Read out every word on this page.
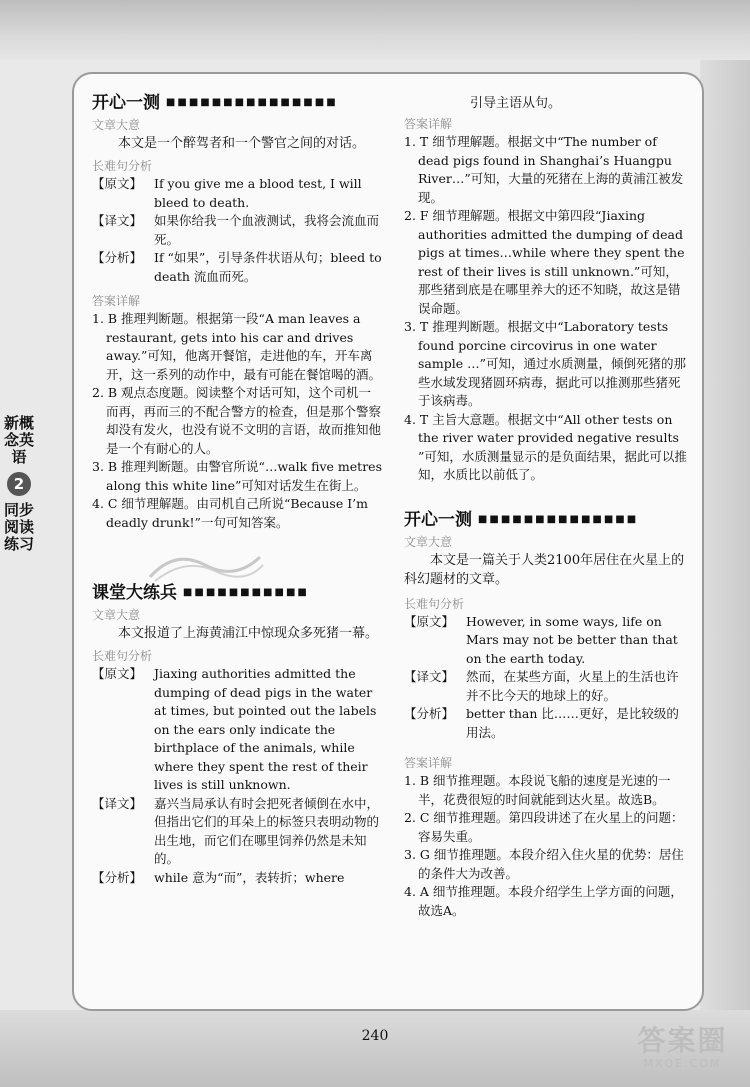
新概念英语
2
同步阅读练习
开心一测 ■■■■■■■■■■■■■■■
文章大意

本文是一个醉驾者和一个警官之间的对话。

长难句分析
【原文】 If you give me a blood test, I will bleed to death.
【译文】 如果你给我一个血液测试，我将会流血而死。
【分析】 If “如果”，引导条件状语从句；bleed to death 流血而死。
答案详解

1. B 推理判断题。根据第一段“A man leaves a restaurant, gets into his car and drives away.”可知，他离开餐馆，走进他的车，开车离开，这一系列的动作中，最有可能在餐馆喝的酒。

2. B 观点态度题。阅读整个对话可知，这个司机一而再，再而三的不配合警方的检查，但是那个警察却没有发火，也没有说不文明的言语，故而推知他是一个有耐心的人。

3. B 推理判断题。由警官所说“…walk five metres along this white line”可知对话发生在街上。

4. C 细节理解题。由司机自己所说“Because I’m deadly drunk!”一句可知答案。

课堂大练兵 ■■■■■■■■■■■
文章大意

本文报道了上海黄浦江中惊现众多死猪一幕。

长难句分析
【原文】 Jiaxing authorities admitted the dumping of dead pigs in the water at times, but pointed out the labels on the ears only indicate the birthplace of the animals, while where they spent the rest of their lives is still unknown.
【译文】 嘉兴当局承认有时会把死者倾倒在水中，但指出它们的耳朵上的标签只表明动物的出生地，而它们在哪里饲养仍然是未知的。
【分析】 while 意为“而”，表转折；where

引导主语从句。

答案详解

1. T 细节理解题。根据文中“The number of dead pigs found in Shanghai’s Huangpu River…”可知，大量的死猪在上海的黄浦江被发现。

2. F 细节理解题。根据文中第四段“Jiaxing authorities admitted the dumping of dead pigs at times…while where they spent the rest of their lives is still unknown.”可知，那些猪到底是在哪里养大的还不知晓，故这是错误命题。

3. T 推理判断题。根据文中“Laboratory tests found porcine circovirus in one water sample …”可知，通过水质测量，倾倒死猪的那些水域发现猪圆环病毒，据此可以推测那些猪死于该病毒。

4. T 主旨大意题。根据文中“All other tests on the river water provided negative results ”可知，水质测量显示的是负面结果，据此可以推知，水质比以前低了。

开心一测 ■■■■■■■■■■■■■■
文章大意

本文是一篇关于人类2100年居住在火星上的科幻题材的文章。

长难句分析
【原文】 However, in some ways, life on Mars may not be better than that on the earth today.
【译文】 然而，在某些方面，火星上的生活也许并不比今天的地球上的好。
【分析】 better than 比……更好，是比较级的用法。
答案详解

1. B 细节推理题。本段说飞船的速度是光速的一半，花费很短的时间就能到达火星。故选B。

2. C 细节推理题。第四段讲述了在火星上的问题：容易失重。

3. G 细节推理题。本段介绍入住火星的优势：居住的条件大为改善。

4. A 细节推理题。本段介绍学生上学方面的问题，故选A。

240	答案圈
MXQE.COM
